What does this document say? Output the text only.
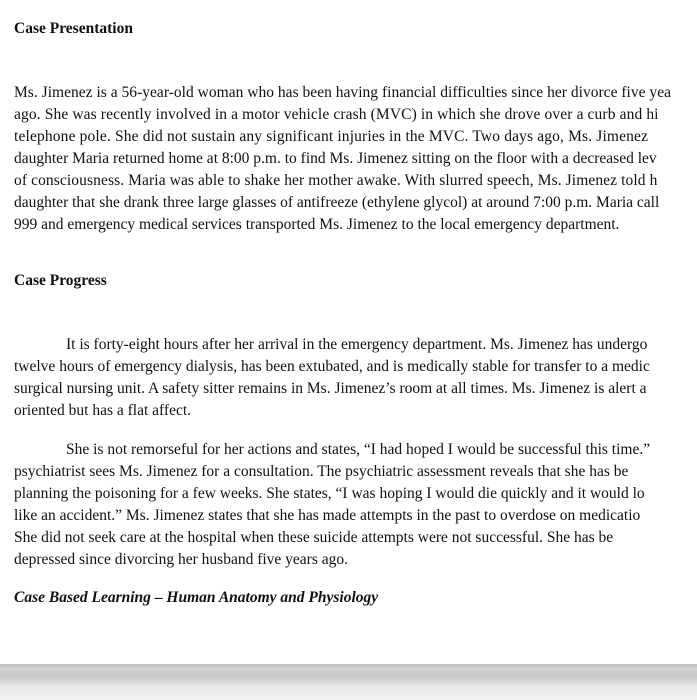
Case Presentation
Ms. Jimenez is a 56-year-old woman who has been having financial difficulties since her divorce five yea
ago. She was recently involved in a motor vehicle crash (MVC) in which she drove over a curb and hi
telephone pole. She did not sustain any significant injuries in the MVC. Two days ago, Ms. Jimenez
daughter Maria returned home at 8:00 p.m. to find Ms. Jimenez sitting on the floor with a decreased lev
of consciousness. Maria was able to shake her mother awake. With slurred speech, Ms. Jimenez told h
daughter that she drank three large glasses of antifreeze (ethylene glycol) at around 7:00 p.m. Maria call
999 and emergency medical services transported Ms. Jimenez to the local emergency department.
Case Progress
It is forty-eight hours after her arrival in the emergency department. Ms. Jimenez has undergo
twelve hours of emergency dialysis, has been extubated, and is medically stable for transfer to a medic
surgical nursing unit. A safety sitter remains in Ms. Jimenez’s room at all times. Ms. Jimenez is alert a
oriented but has a flat affect.
She is not remorseful for her actions and states, “I had hoped I would be successful this time.”
psychiatrist sees Ms. Jimenez for a consultation. The psychiatric assessment reveals that she has be
planning the poisoning for a few weeks. She states, “I was hoping I would die quickly and it would lo
like an accident.” Ms. Jimenez states that she has made attempts in the past to overdose on medicatio
She did not seek care at the hospital when these suicide attempts were not successful. She has be
depressed since divorcing her husband five years ago.
Case Based Learning – Human Anatomy and Physiology
